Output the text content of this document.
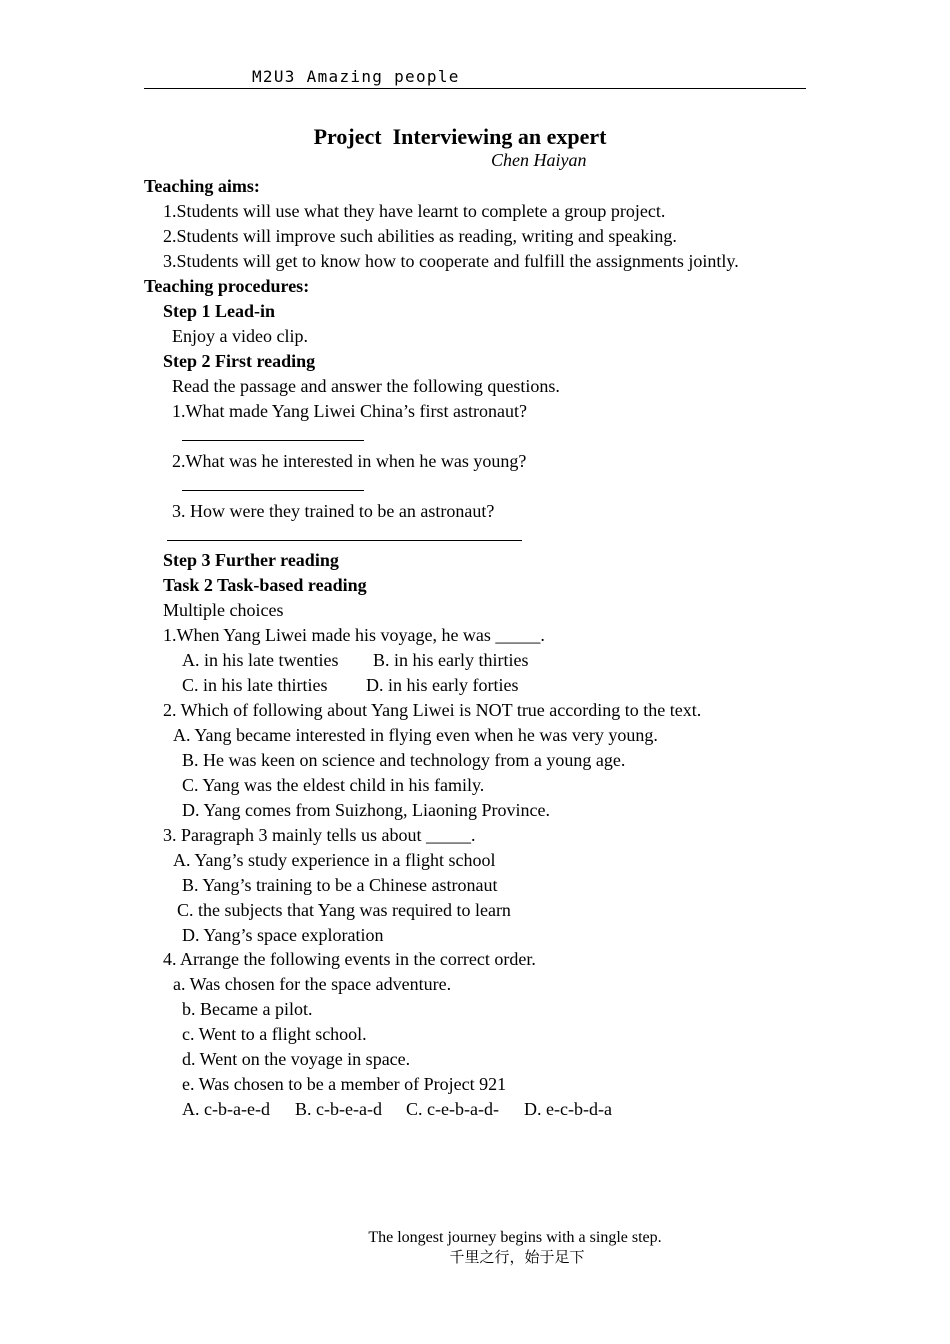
M2U3 Amazing people
Project  Interviewing an expert
Chen Haiyan
Teaching aims:
1.Students will use what they have learnt to complete a group project.
2.Students will improve such abilities as reading, writing and speaking.
3.Students will get to know how to cooperate and fulfill the assignments jointly.
Teaching procedures:
Step 1 Lead-in
Enjoy a video clip.
Step 2 First reading
Read the passage and answer the following questions.
1.What made Yang Liwei China’s first astronaut?
2.What was he interested in when he was young?
3. How were they trained to be an astronaut?
Step 3 Further reading
Task 2 Task-based reading
Multiple choices
1.When Yang Liwei made his voyage, he was _____.
A. in his late twenties B. in his early thirties
C. in his late thirties D. in his early forties
2. Which of following about Yang Liwei is NOT true according to the text.
A. Yang became interested in flying even when he was very young.
B. He was keen on science and technology from a young age.
C. Yang was the eldest child in his family.
D. Yang comes from Suizhong, Liaoning Province.
3. Paragraph 3 mainly tells us about _____.
A. Yang’s study experience in a flight school
B. Yang’s training to be a Chinese astronaut
C. the subjects that Yang was required to learn
D. Yang’s space exploration
4. Arrange the following events in the correct order.
a. Was chosen for the space adventure.
b. Became a pilot.
c. Went to a flight school.
d. Went on the voyage in space.
e. Was chosen to be a member of Project 921
A. c-b-a-e-d B. c-b-e-a-d C. c-e-b-a-d- D. e-c-b-d-a
The longest journey begins with a single step.
千里之行，始于足下
